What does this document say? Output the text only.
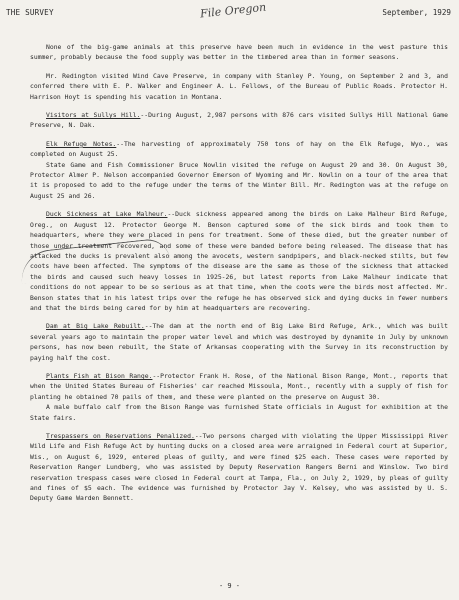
THE SURVEY	File Oregon	September, 1929

None of the big-game animals at this preserve have been much in evidence in the west pasture this summer, probably because the food supply was better in the timbered area than in former seasons.

Mr. Redington visited Wind Cave Preserve, in company with Stanley P. Young, on September 2 and 3, and conferred there with E. P. Walker and Engineer A. L. Fellows, of the Bureau of Public Roads. Protector H. Harrison Hoyt is spending his vacation in Montana.

Visitors at Sullys Hill.--During August, 2,987 persons with 876 cars visited Sullys Hill National Game Preserve, N. Dak.

Elk Refuge Notes.--The harvesting of approximately 750 tons of hay on the Elk Refuge, Wyo., was completed on August 25.

State Game and Fish Commissioner Bruce Nowlin visited the refuge on August 29 and 30. On August 30, Protector Almer P. Nelson accompanied Governor Emerson of Wyoming and Mr. Nowlin on a tour of the area that it is proposed to add to the refuge under the terms of the Winter Bill. Mr. Redington was at the refuge on August 25 and 26.

Duck Sickness at Lake Malheur.--Duck sickness appeared among the birds on Lake Malheur Bird Refuge, Oreg., on August 12. Protector George M. Benson captured some of the sick birds and took them to headquarters, where they were placed in pens for treatment. Some of these died, but the greater number of those under treatment recovered, and some of these were banded before being released. The disease that has attacked the ducks is prevalent also among the avocets, western sandpipers, and black-necked stilts, but few coots have been affected. The symptoms of the disease are the same as those of the sickness that attacked the birds and caused such heavy losses in 1925-26, but latest reports from Lake Malheur indicate that conditions do not appear to be so serious as at that time, when the coots were the birds most affected. Mr. Benson states that in his latest trips over the refuge he has observed sick and dying ducks in fewer numbers and that the birds being cared for by him at headquarters are recovering.

Dam at Big Lake Rebuilt.--The dam at the north end of Big Lake Bird Refuge, Ark., which was built several years ago to maintain the proper water level and which was destroyed by dynamite in July by unknown persons, has now been rebuilt, the State of Arkansas cooperating with the Survey in its reconstruction by paying half the cost.

Plants Fish at Bison Range.--Protector Frank H. Rose, of the National Bison Range, Mont., reports that when the United States Bureau of Fisheries' car reached Missoula, Mont., recently with a supply of fish for planting he obtained 70 pails of them, and these were planted on the preserve on August 30.

A male buffalo calf from the Bison Range was furnished State officials in August for exhibition at the State fairs.

Trespassers on Reservations Penalized.--Two persons charged with violating the Upper Mississippi River Wild Life and Fish Refuge Act by hunting ducks on a closed area were arraigned in Federal court at Superior, Wis., on August 6, 1929, entered pleas of guilty, and were fined $25 each. These cases were reported by Reservation Ranger Lundberg, who was assisted by Deputy Reservation Rangers Berni and Winslow. Two bird reservation trespass cases were closed in Federal court at Tampa, Fla., on July 2, 1929, by pleas of guilty and fines of $5 each. The evidence was furnished by Protector Jay V. Kelsey, who was assisted by U. S. Deputy Game Warden Bennett.

- 9 -
